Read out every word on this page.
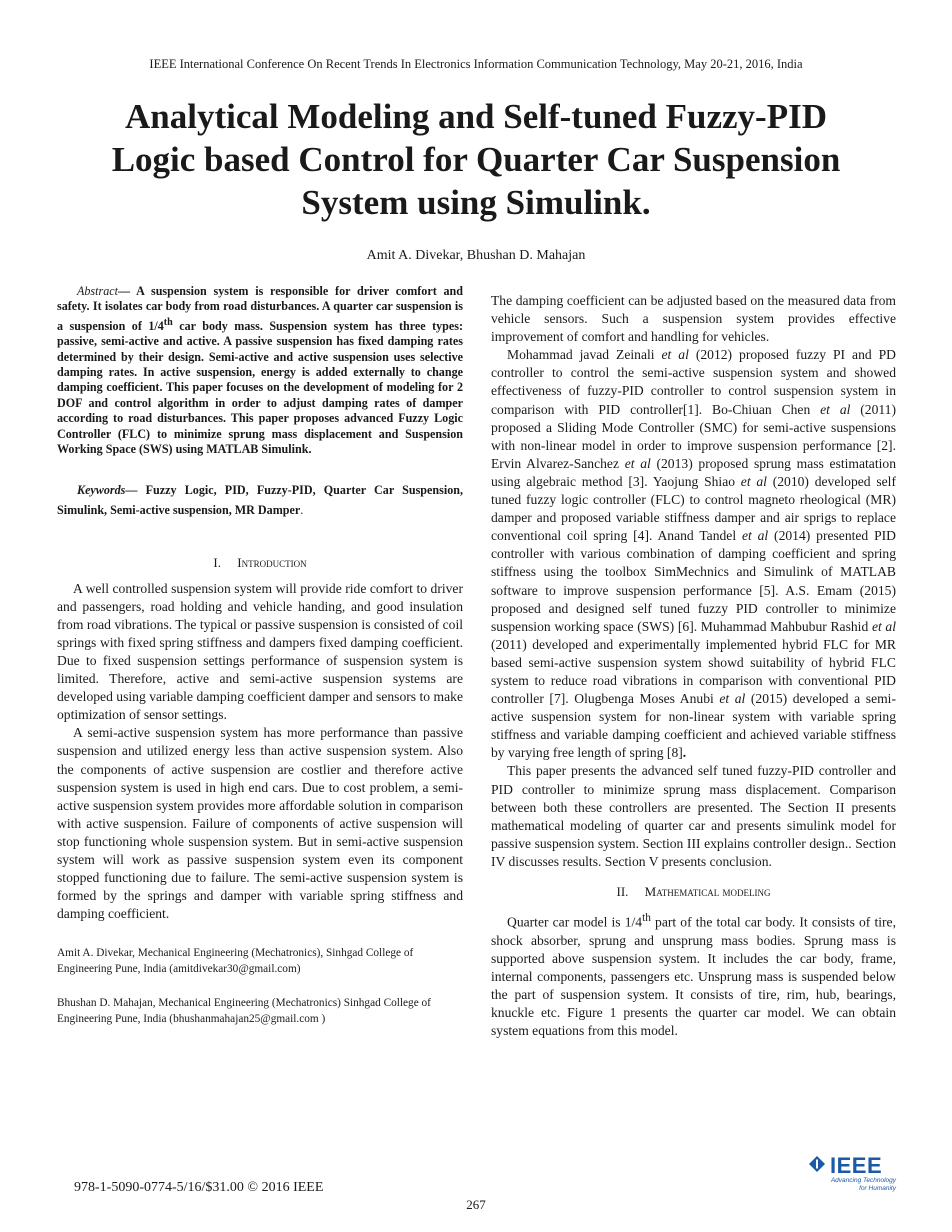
IEEE International Conference On Recent Trends In Electronics Information Communication Technology, May 20-21, 2016, India
Analytical Modeling and Self-tuned Fuzzy-PID
Logic based Control for Quarter Car Suspension
System using Simulink.
Amit A. Divekar, Bhushan D. Mahajan

Abstract— A suspension system is responsible for driver comfort and safety. It isolates car body from road disturbances. A quarter car suspension is a suspension of 1/4th car body mass. Suspension system has three types: passive, semi-active and active. A passive suspension has fixed damping rates determined by their design. Semi-active and active suspension uses selective damping rates. In active suspension, energy is added externally to change damping coefficient. This paper focuses on the development of modeling for 2 DOF and control algorithm in order to adjust damping rates of damper according to road disturbances. This paper proposes advanced Fuzzy Logic Controller (FLC) to minimize sprung mass displacement and Suspension Working Space (SWS) using MATLAB Simulink.

Keywords— Fuzzy Logic, PID, Fuzzy-PID, Quarter Car Suspension, Simulink, Semi-active suspension, MR Damper.

I. Introduction

A well controlled suspension system will provide ride comfort to driver and passengers, road holding and vehicle handing, and good insulation from road vibrations. The typical or passive suspension is consisted of coil springs with fixed spring stiffness and dampers fixed damping coefficient. Due to fixed suspension settings performance of suspension system is limited. Therefore, active and semi-active suspension systems are developed using variable damping coefficient damper and sensors to make optimization of sensor settings.

A semi-active suspension system has more performance than passive suspension and utilized energy less than active suspension system. Also the components of active suspension are costlier and therefore active suspension system is used in high end cars. Due to cost problem, a semi- active suspension system provides more affordable solution in comparison with active suspension. Failure of components of active suspension will stop functioning whole suspension system. But in semi-active suspension system will work as passive suspension system even its component stopped functioning due to failure. The semi-active suspension system is formed by the springs and damper with variable spring stiffness and damping coefficient.

Amit A. Divekar, Mechanical Engineering (Mechatronics), Sinhgad College of Engineering Pune, India (amitdivekar30@gmail.com)

Bhushan D. Mahajan, Mechanical Engineering (Mechatronics) Sinhgad College of Engineering Pune, India (bhushanmahajan25@gmail.com )

The damping coefficient can be adjusted based on the measured data from vehicle sensors. Such a suspension system provides effective improvement of comfort and handling for vehicles.

Mohammad javad Zeinali et al (2012) proposed fuzzy PI and PD controller to control the semi-active suspension system and showed effectiveness of fuzzy-PID controller to control suspension system in comparison with PID controller[1]. Bo-Chiuan Chen et al (2011) proposed a Sliding Mode Controller (SMC) for semi-active suspensions with non-linear model in order to improve suspension performance [2]. Ervin Alvarez-Sanchez et al (2013) proposed sprung mass estimatation using algebraic method [3]. Yaojung Shiao et al (2010) developed self tuned fuzzy logic controller (FLC) to control magneto rheological (MR) damper and proposed variable stiffness damper and air sprigs to replace conventional coil spring [4]. Anand Tandel et al (2014) presented PID controller with various combination of damping coefficient and spring stiffness using the toolbox SimMechnics and Simulink of MATLAB software to improve suspension performance [5]. A.S. Emam (2015) proposed and designed self tuned fuzzy PID controller to minimize suspension working space (SWS) [6]. Muhammad Mahbubur Rashid et al (2011) developed and experimentally implemented hybrid FLC for MR based semi-active suspension system showd suitability of hybrid FLC system to reduce road vibrations in comparison with conventional PID controller [7]. Olugbenga Moses Anubi et al (2015) developed a semi-active suspension system for non-linear system with variable spring stiffness and variable damping coefficient and achieved variable stiffness by varying free length of spring [8].

This paper presents the advanced self tuned fuzzy-PID controller and PID controller to minimize sprung mass displacement. Comparison between both these controllers are presented. The Section II presents mathematical modeling of quarter car and presents simulink model for passive suspension system. Section III explains controller design.. Section IV discusses results. Section V presents conclusion.

II. Mathematical modeling

Quarter car model is 1/4th part of the total car body. It consists of tire, shock absorber, sprung and unsprung mass bodies. Sprung mass is supported above suspension system. It includes the car body, frame, internal components, passengers etc. Unsprung mass is suspended below the part of suspension system. It consists of tire, rim, hub, bearings, knuckle etc. Figure 1 presents the quarter car model. We can obtain system equations from this model.

978-1-5090-0774-5/16/$31.00 © 2016 IEEE
267
IEEE
Advancing Technology
for Humanity
